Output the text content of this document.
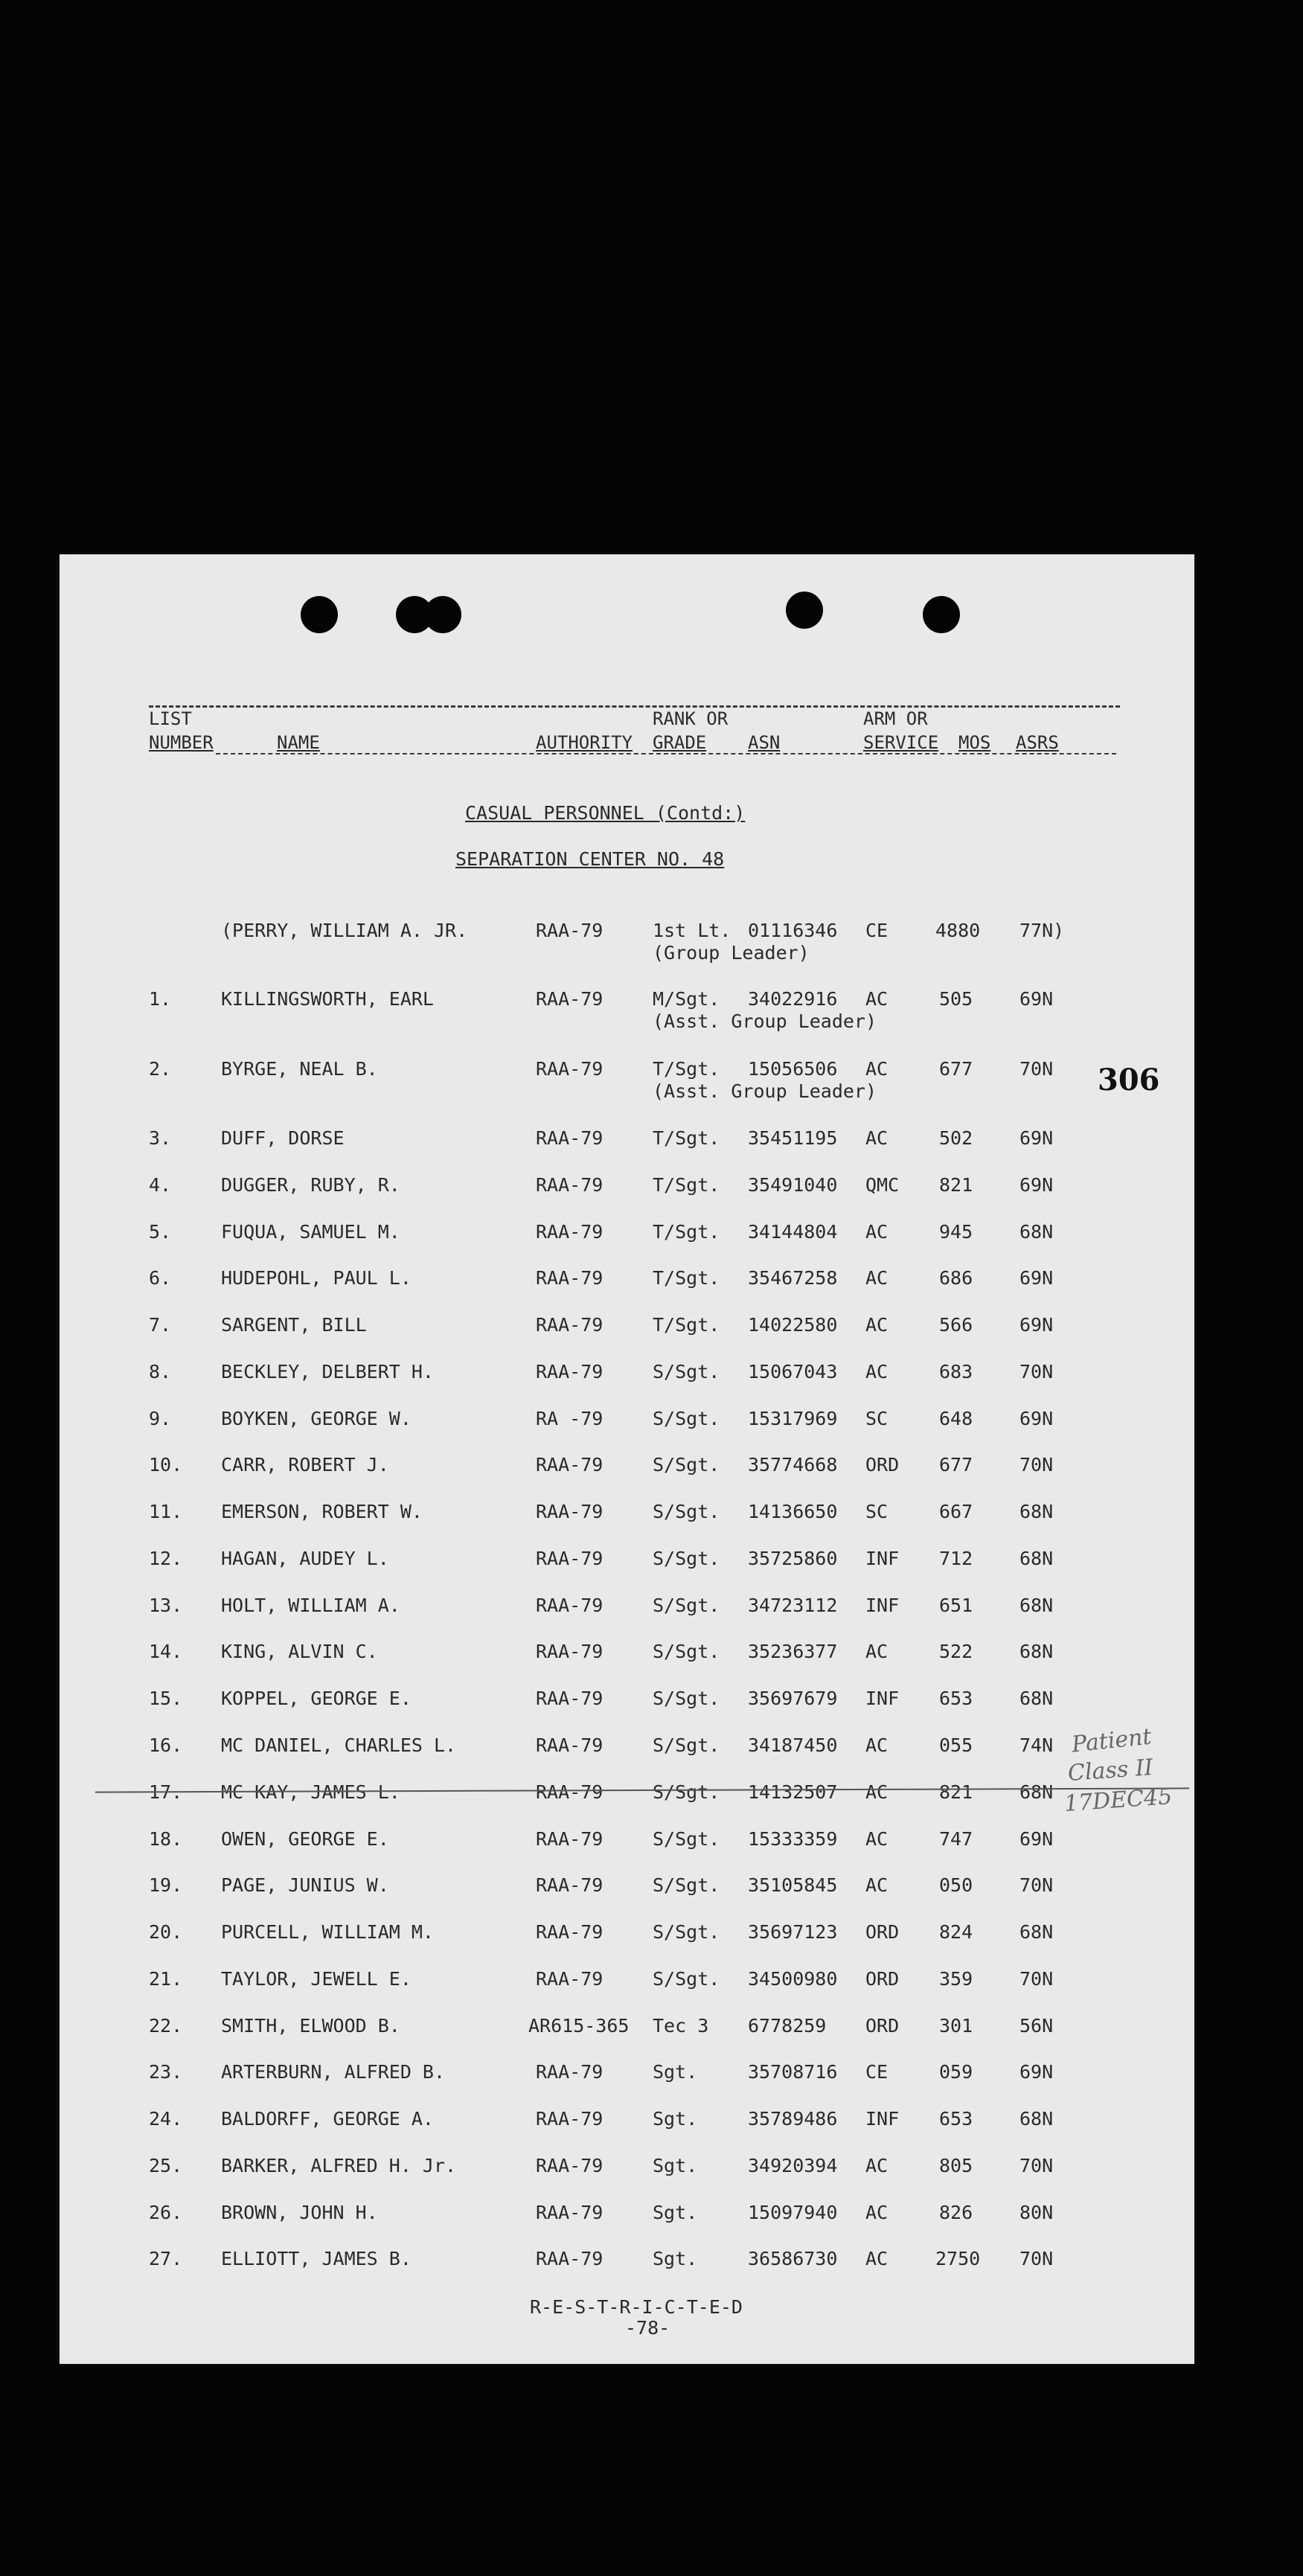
LIST
NUMBER	NAME	AUTHORITY
RANK OR
GRADE ASN
ARM OR
SERVICE MOS ASRS
CASUAL PERSONNEL (Contd:)
SEPARATION CENTER NO. 48
306
(PERRY, WILLIAM A. JR.	RAA-79	1st Lt. 01116346 CE	4880 77N)
(Group Leader)
1.	KILLINGSWORTH, EARL	RAA-79	M/Sgt. 34022916 AC	505	69N
(Asst. Group Leader)
2.	BYRGE, NEAL B.	RAA-79	T/Sgt. 15056506 AC	677	70N
(Asst. Group Leader)
3.	DUFF, DORSE	RAA-79	T/Sgt. 35451195 AC	502	69N
4.	DUGGER, RUBY, R.	RAA-79	T/Sgt. 35491040 QMC 821	69N
5.	FUQUA, SAMUEL M.	RAA-79	T/Sgt. 34144804 AC	945	68N
6.	HUDEPOHL, PAUL L.	RAA-79	T/Sgt. 35467258 AC	686	69N
7.	SARGENT, BILL	RAA-79	T/Sgt. 14022580 AC	566	69N
8.	BECKLEY, DELBERT H.	RAA-79	S/Sgt. 15067043 AC	683	70N
9.	BOYKEN, GEORGE W.	RA -79	S/Sgt. 15317969 SC	648	69N
10. CARR, ROBERT J.	RAA-79	S/Sgt. 35774668 ORD 677	70N
11. EMERSON, ROBERT W.	RAA-79	S/Sgt. 14136650 SC	667	68N
12. HAGAN, AUDEY L.	RAA-79	S/Sgt. 35725860 INF 712	68N
13. HOLT, WILLIAM A.	RAA-79	S/Sgt. 34723112 INF 651	68N
14. KING, ALVIN C.	RAA-79	S/Sgt. 35236377 AC	522	68N
15. KOPPEL, GEORGE E.	RAA-79	S/Sgt. 35697679 INF 653	68N
16. MC DANIEL, CHARLES L.	RAA-79	S/Sgt. 34187450 AC	055	74N
17. MC KAY, JAMES L.	RAA-79	S/Sgt. 14132507 AC	821	68N
18. OWEN, GEORGE E.	RAA-79	S/Sgt. 15333359 AC	747	69N
19. PAGE, JUNIUS W.	RAA-79	S/Sgt. 35105845 AC	050	70N
20. PURCELL, WILLIAM M.	RAA-79	S/Sgt. 35697123 ORD 824	68N
21. TAYLOR, JEWELL E.	RAA-79	S/Sgt. 34500980 ORD 359	70N
22. SMITH, ELWOOD B.	AR615-365 Tec 3 6778259 ORD 301	56N
23. ARTERBURN, ALFRED B.	RAA-79	Sgt.	35708716 CE	059	69N
24. BALDORFF, GEORGE A.	RAA-79	Sgt.	35789486 INF 653	68N
25. BARKER, ALFRED H. Jr.	RAA-79	Sgt.	34920394 AC	805	70N
26. BROWN, JOHN H.	RAA-79	Sgt.	15097940 AC	826	80N
27. ELLIOTT, JAMES B.	RAA-79	Sgt.	36586730 AC	2750 70N
Patient
Class II
17DEC45
R-E-S-T-R-I-C-T-E-D
-78-
